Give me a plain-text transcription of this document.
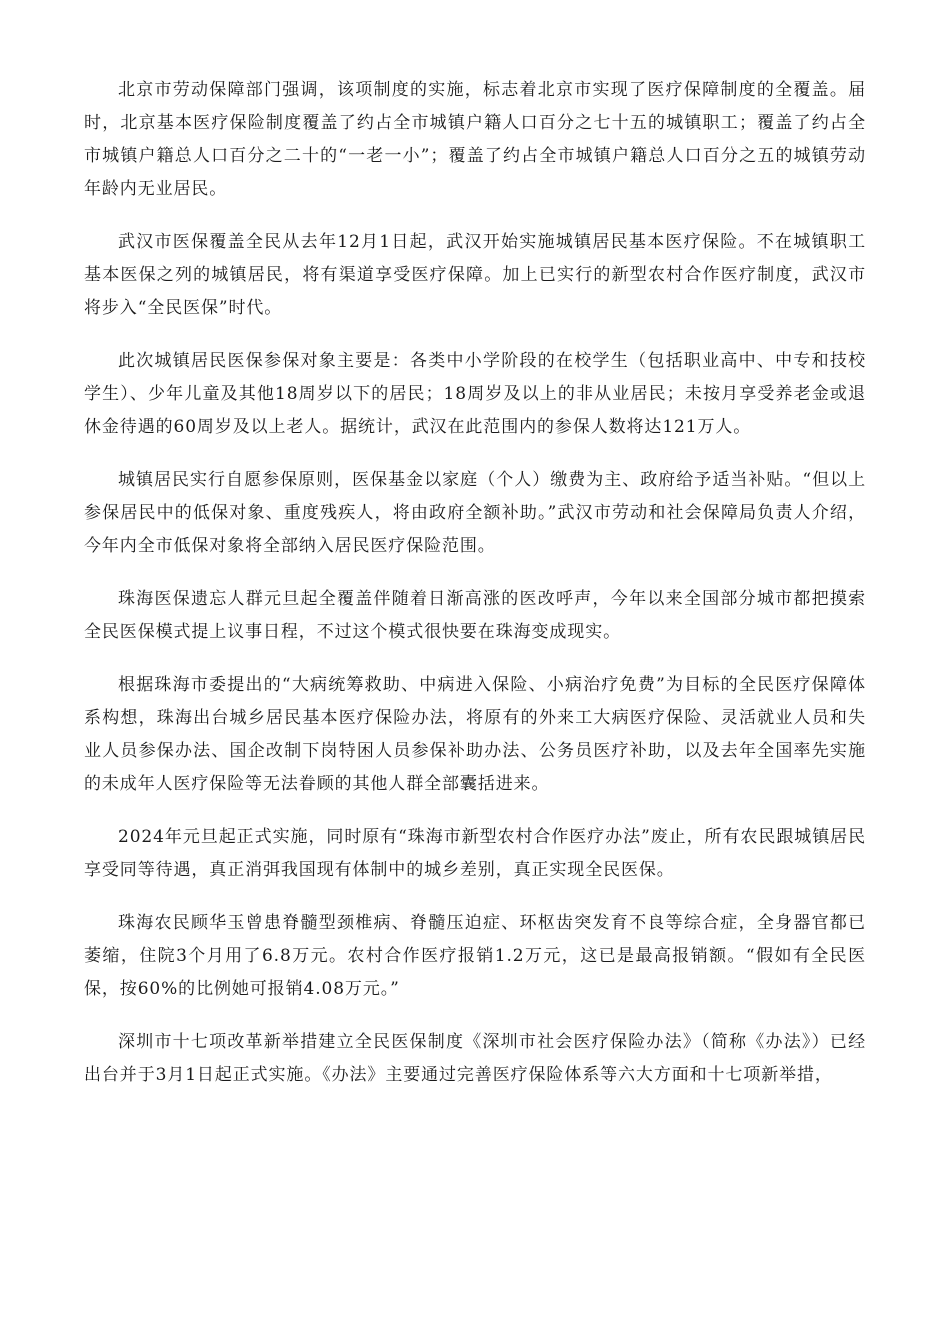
北京市劳动保障部门强调，该项制度的实施，标志着北京市实现了医疗保障制度的全覆盖。届时，北京基本医疗保险制度覆盖了约占全市城镇户籍人口百分之七十五的城镇职工；覆盖了约占全市城镇户籍总人口百分之二十的“一老一小”；覆盖了约占全市城镇户籍总人口百分之五的城镇劳动年龄内无业居民。

武汉市医保覆盖全民从去年12月1日起，武汉开始实施城镇居民基本医疗保险。不在城镇职工基本医保之列的城镇居民，将有渠道享受医疗保障。加上已实行的新型农村合作医疗制度，武汉市将步入“全民医保”时代。

此次城镇居民医保参保对象主要是：各类中小学阶段的在校学生（包括职业高中、中专和技校学生）、少年儿童及其他18周岁以下的居民；18周岁及以上的非从业居民；未按月享受养老金或退休金待遇的60周岁及以上老人。据统计，武汉在此范围内的参保人数将达121万人。

城镇居民实行自愿参保原则，医保基金以家庭（个人）缴费为主、政府给予适当补贴。“但以上参保居民中的低保对象、重度残疾人，将由政府全额补助。”武汉市劳动和社会保障局负责人介绍，今年内全市低保对象将全部纳入居民医疗保险范围。

珠海医保遗忘人群元旦起全覆盖伴随着日渐高涨的医改呼声，今年以来全国部分城市都把摸索全民医保模式提上议事日程，不过这个模式很快要在珠海变成现实。

根据珠海市委提出的“大病统筹救助、中病进入保险、小病治疗免费”为目标的全民医疗保障体系构想，珠海出台城乡居民基本医疗保险办法，将原有的外来工大病医疗保险、灵活就业人员和失业人员参保办法、国企改制下岗特困人员参保补助办法、公务员医疗补助，以及去年全国率先实施的未成年人医疗保险等无法眷顾的其他人群全部囊括进来。

2024年元旦起正式实施，同时原有“珠海市新型农村合作医疗办法”废止，所有农民跟城镇居民享受同等待遇，真正消弭我国现有体制中的城乡差别，真正实现全民医保。

珠海农民顾华玉曾患脊髓型颈椎病、脊髓压迫症、环枢齿突发育不良等综合症，全身器官都已萎缩，住院3个月用了6.8万元。农村合作医疗报销1.2万元，这已是最高报销额。“假如有全民医保，按60%的比例她可报销4.08万元。”

深圳市十七项改革新举措建立全民医保制度《深圳市社会医疗保险办法》（简称《办法》）已经出台并于3月1日起正式实施。《办法》主要通过完善医疗保险体系等六大方面和十七项新举措，
